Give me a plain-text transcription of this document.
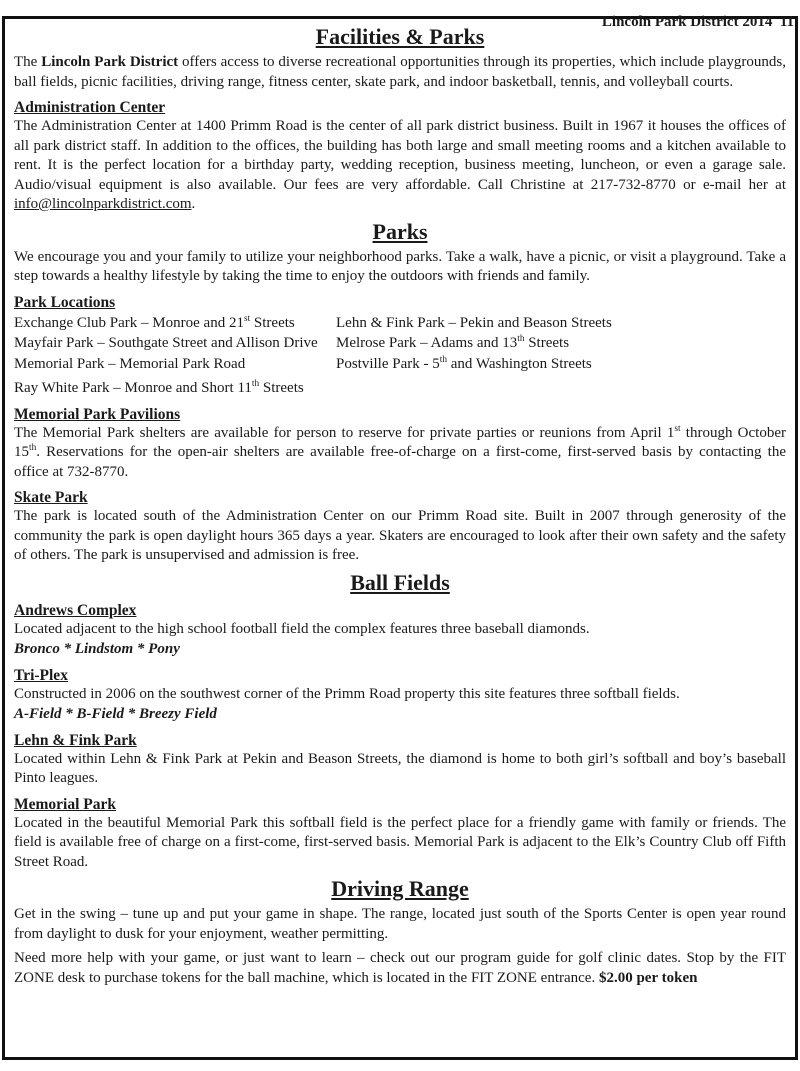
Lincoln Park District 2014  11

Facilities & Parks

The Lincoln Park District offers access to diverse recreational opportunities through its properties, which include playgrounds, ball fields, picnic facilities, driving range, fitness center, skate park, and indoor basketball, tennis, and volleyball courts.

Administration Center

The Administration Center at 1400 Primm Road is the center of all park district business. Built in 1967 it houses the offices of all park district staff. In addition to the offices, the building has both large and small meeting rooms and a kitchen available to rent. It is the perfect location for a birthday party, wedding reception, business meeting, luncheon, or even a garage sale. Audio/visual equipment is also available. Our fees are very affordable. Call Christine at 217-732-8770 or e-mail her at info@lincolnparkdistrict.com.

Parks

We encourage you and your family to utilize your neighborhood parks. Take a walk, have a picnic, or visit a playground. Take a step towards a healthy lifestyle by taking the time to enjoy the outdoors with friends and family.

Park Locations
Exchange Club Park – Monroe and 21st Streets	Lehn & Fink Park – Pekin and Beason Streets
Mayfair Park – Southgate Street and Allison Drive	Melrose Park – Adams and 13th Streets
Memorial Park – Memorial Park Road	Postville Park - 5th and Washington Streets
Ray White Park – Monroe and Short 11th Streets
Memorial Park Pavilions

The Memorial Park shelters are available for person to reserve for private parties or reunions from April 1st through October 15th. Reservations for the open-air shelters are available free-of-charge on a first-come, first-served basis by contacting the office at 732-8770.

Skate Park

The park is located south of the Administration Center on our Primm Road site. Built in 2007 through generosity of the community the park is open daylight hours 365 days a year. Skaters are encouraged to look after their own safety and the safety of others. The park is unsupervised and admission is free.

Ball Fields
Andrews Complex

Located adjacent to the high school football field the complex features three baseball diamonds.

Bronco * Lindstom * Pony
Tri-Plex

Constructed in 2006 on the southwest corner of the Primm Road property this site features three softball fields.

A-Field * B-Field * Breezy Field
Lehn & Fink Park

Located within Lehn & Fink Park at Pekin and Beason Streets, the diamond is home to both girl’s softball and boy’s baseball Pinto leagues.

Memorial Park

Located in the beautiful Memorial Park this softball field is the perfect place for a friendly game with family or friends. The field is available free of charge on a first-come, first-served basis. Memorial Park is adjacent to the Elk’s Country Club off Fifth Street Road.

Driving Range

Get in the swing – tune up and put your game in shape. The range, located just south of the Sports Center is open year round from daylight to dusk for your enjoyment, weather permitting.

Need more help with your game, or just want to learn – check out our program guide for golf clinic dates. Stop by the FIT ZONE desk to purchase tokens for the ball machine, which is located in the FIT ZONE entrance. $2.00 per token
